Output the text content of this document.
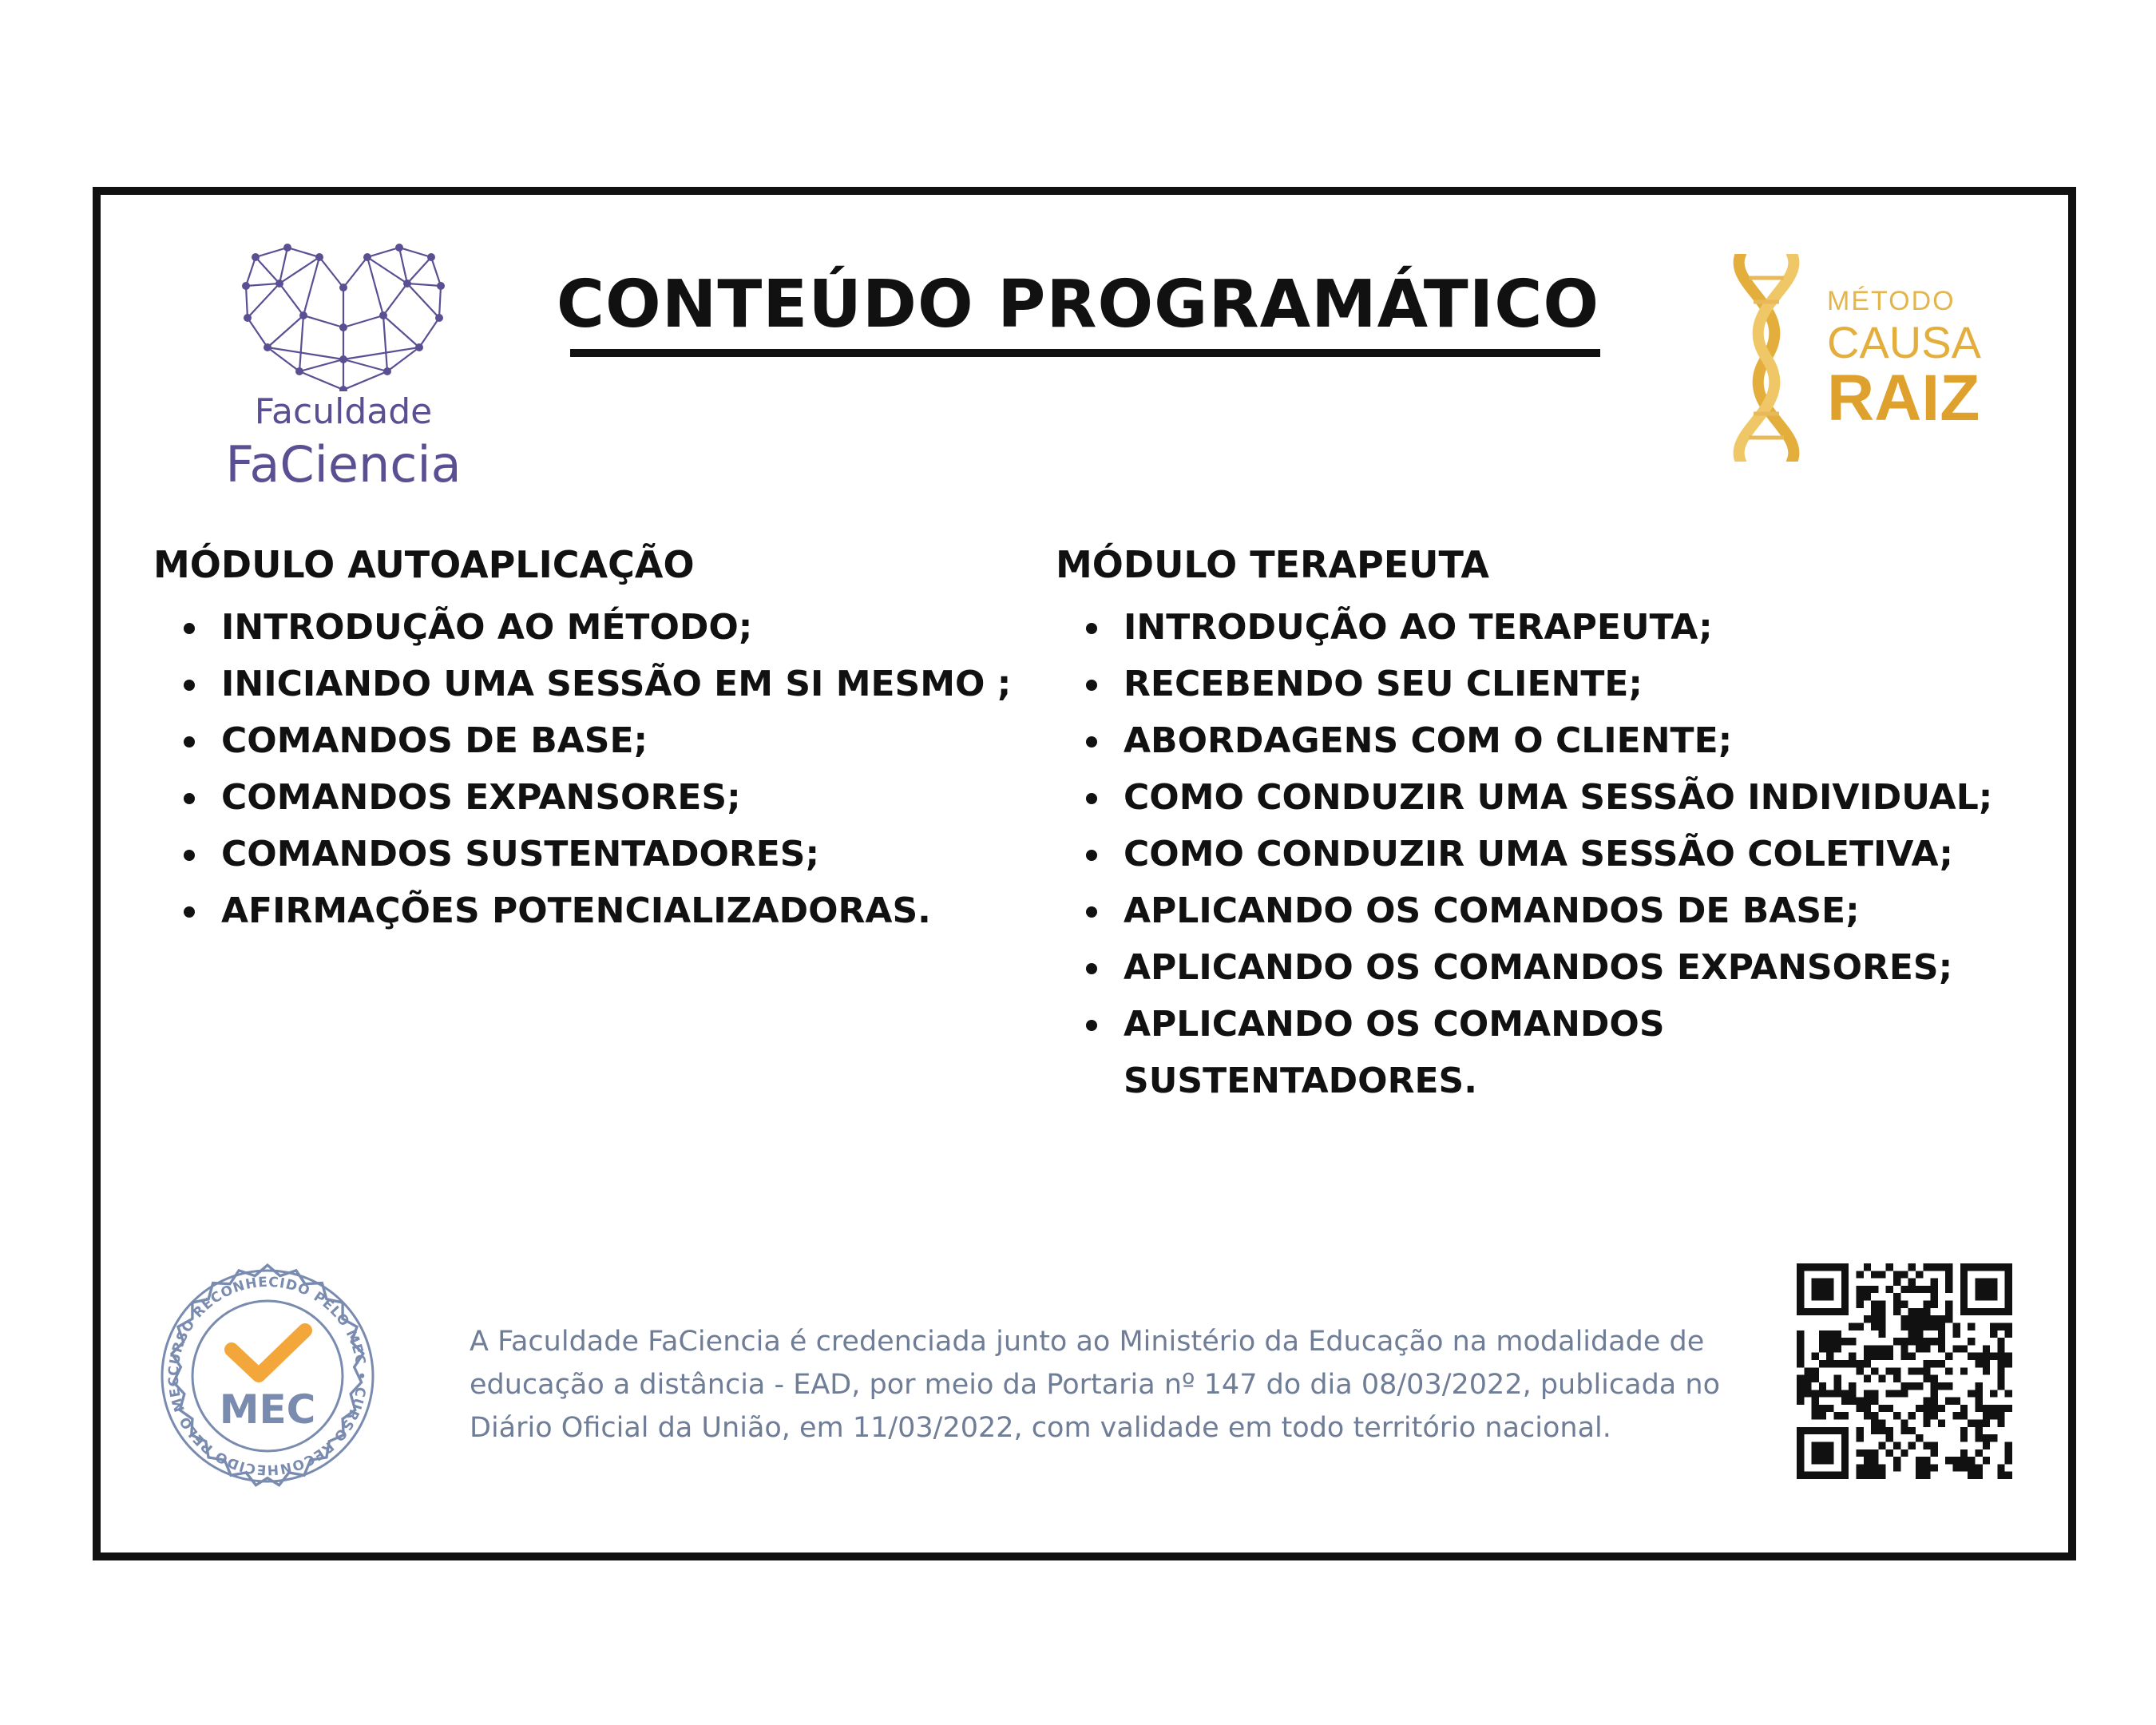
Faculdade
FaCiencia
CONTEÚDO PROGRAMÁTICO	MÉTODO
CAUSA
RAIZ
MÓDULO AUTOAPLICAÇÃO
INTRODUÇÃO AO MÉTODO;
INICIANDO UMA SESSÃO EM SI MESMO ;
COMANDOS DE BASE;
COMANDOS EXPANSORES;
COMANDOS SUSTENTADORES;
AFIRMAÇÕES POTENCIALIZADORAS.
MÓDULO TERAPEUTA
INTRODUÇÃO AO TERAPEUTA;
RECEBENDO SEU CLIENTE;
ABORDAGENS COM O CLIENTE;
COMO CONDUZIR UMA SESSÃO INDIVIDUAL;
COMO CONDUZIR UMA SESSÃO COLETIVA;
APLICANDO OS COMANDOS DE BASE;
APLICANDO OS COMANDOS EXPANSORES;
APLICANDO OS COMANDOS SUSTENTADORES.
CURSO RECONHECIDO PELO MEC • CURSO RECONHECIDO PELO MEC
MEC

A Faculdade FaCiencia é credenciada junto ao Ministério da Educação na modalidade de

educação a distância - EAD, por meio da Portaria nº 147 do dia 08/03/2022, publicada no

Diário Oficial da União, em 11/03/2022, com validade em todo território nacional.
